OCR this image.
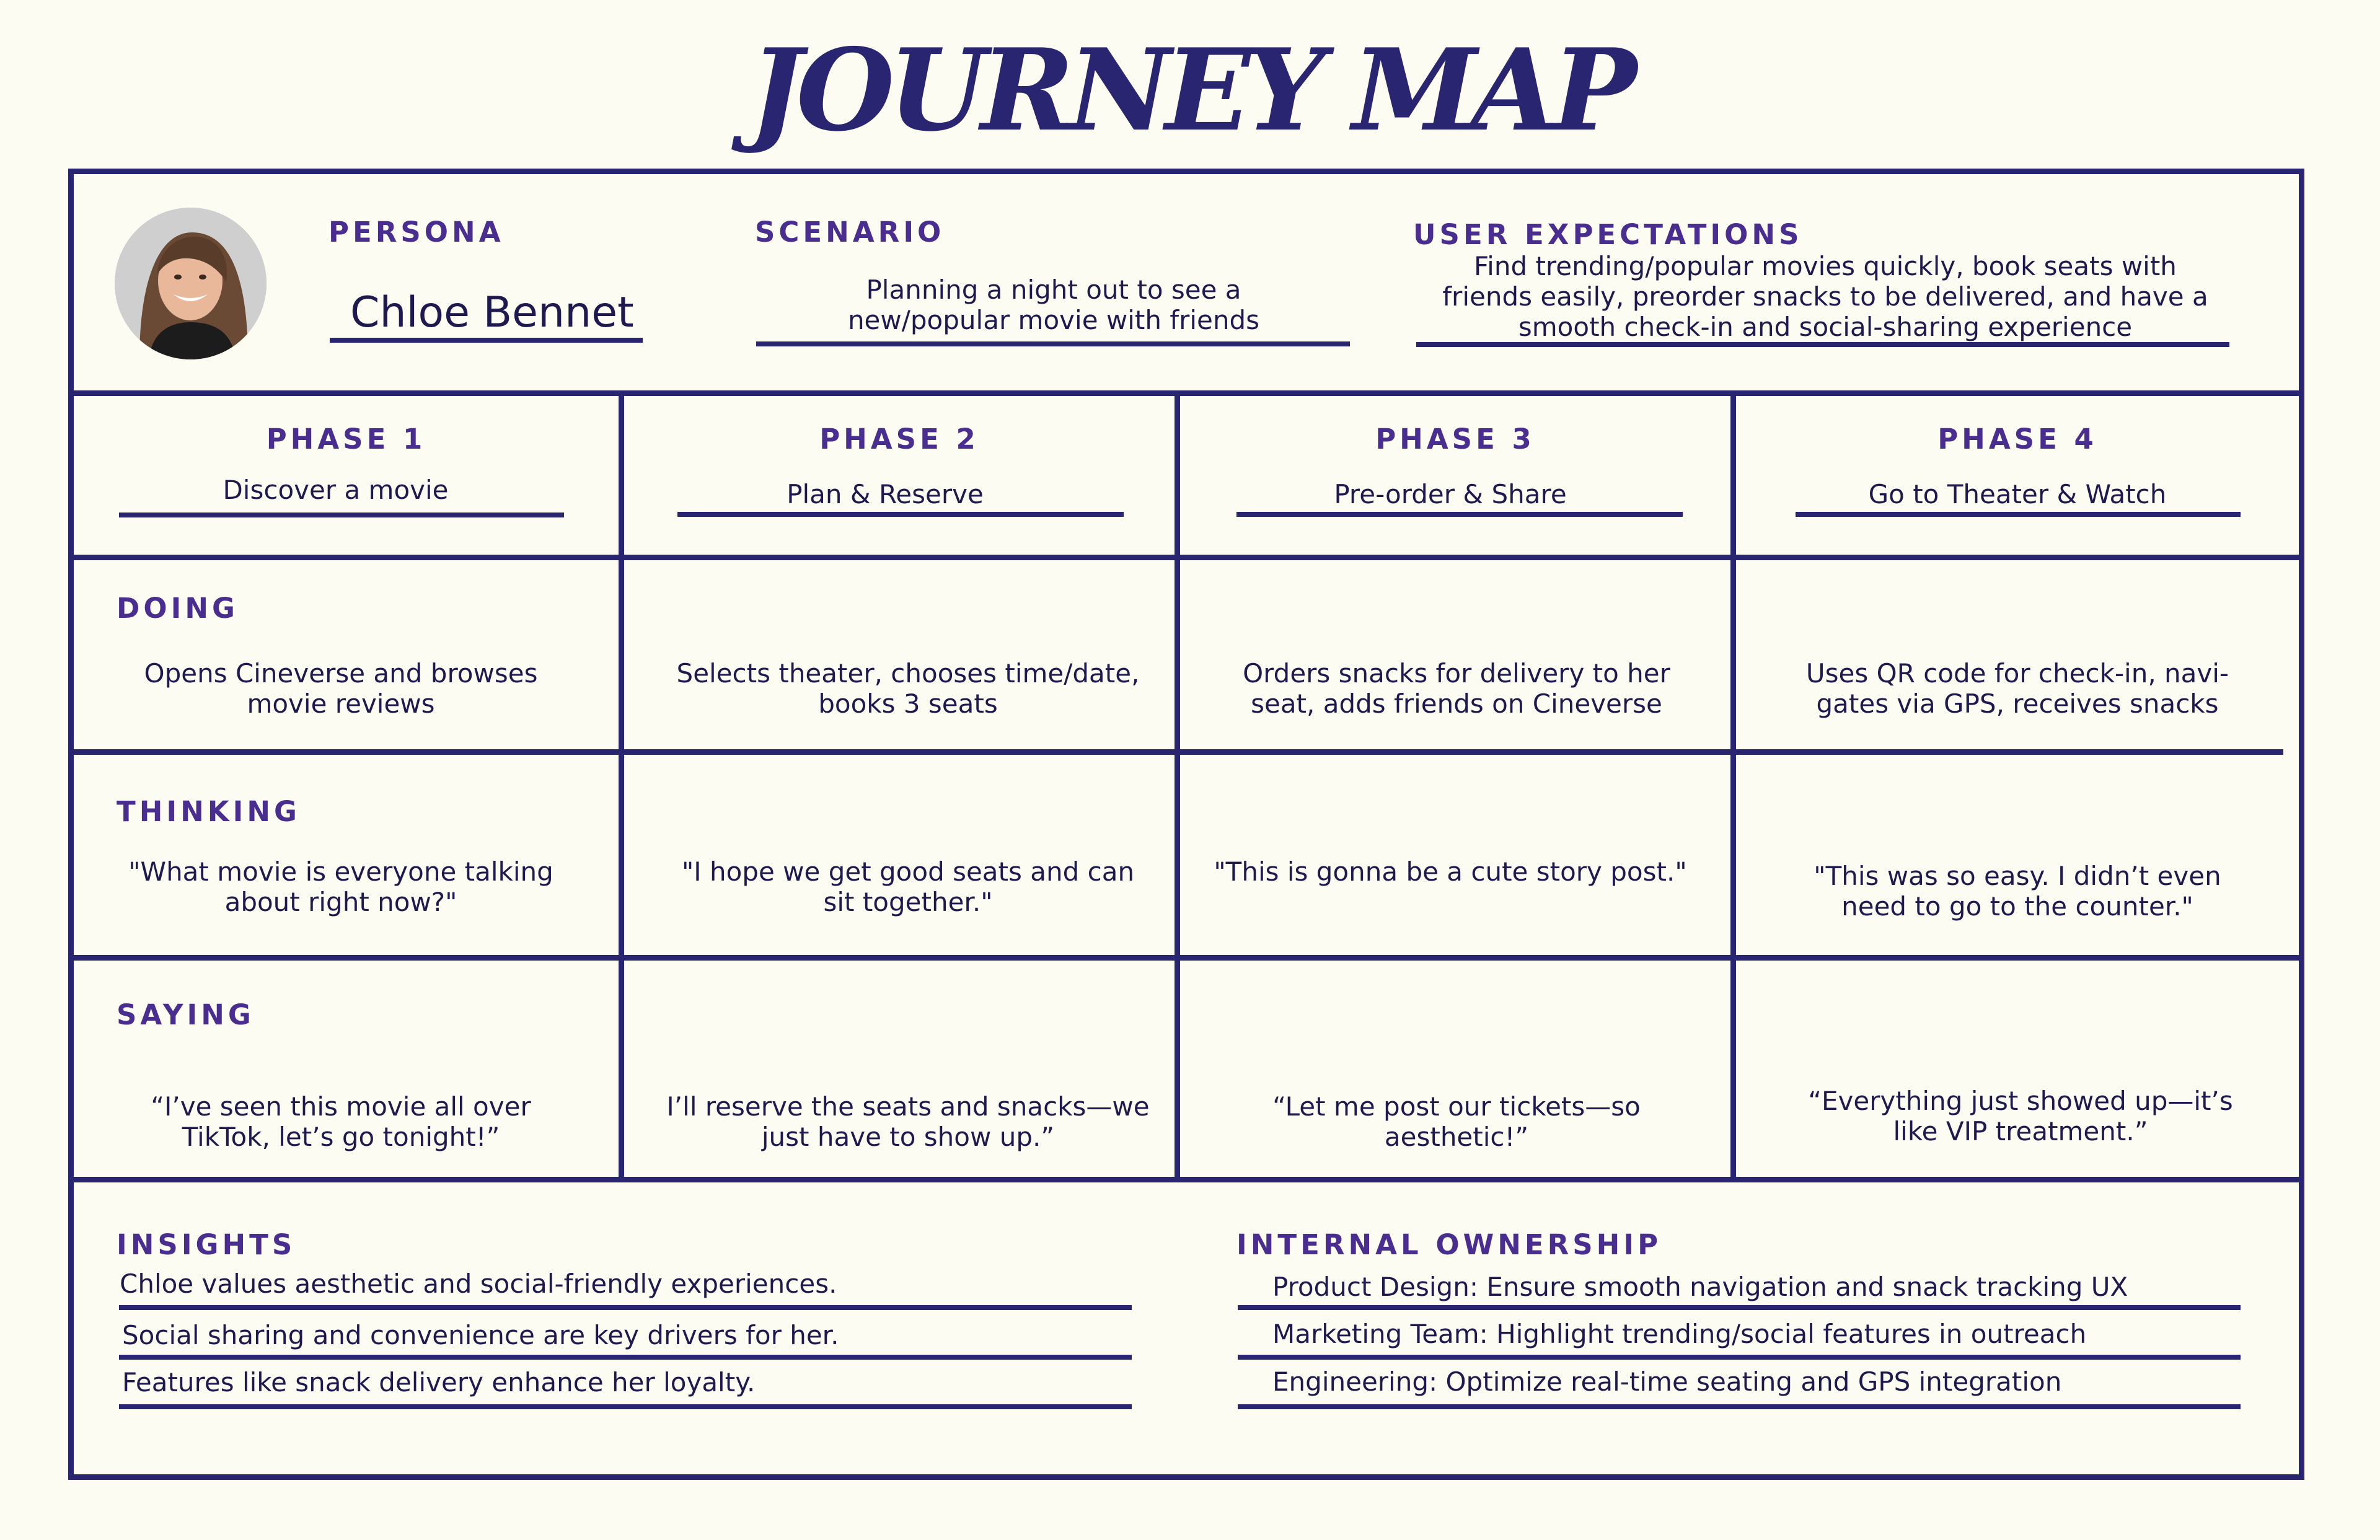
JOURNEY MAP
PERSONA
Chloe Bennet
SCENARIO
Planning a night out to see a new/popular movie with friends
USER EXPECTATIONS
Find trending/popular movies quickly, book seats with friends easily, preorder snacks to be delivered, and have a smooth check-in and social-sharing experience
PHASE 1
Discover a movie
PHASE 2
Plan & Reserve
PHASE 3
Pre-order & Share
PHASE 4
Go to Theater & Watch
DOING
Opens Cineverse and browses movie reviews
Selects theater, chooses time/date, books 3 seats
Orders snacks for delivery to her seat, adds friends on Cineverse
Uses QR code for check-in, navi-gates via GPS, receives snacks
THINKING
"What movie is everyone talking about right now?"
"I hope we get good seats and can sit together."
"This is gonna be a cute story post."	"This was so easy. I didn’t even need to go to the counter."
SAYING
“I’ve seen this movie all over TikTok, let’s go tonight!”
I’ll reserve the seats and snacks—we just have to show up.”
“Let me post our tickets—so aesthetic!”
“Everything just showed up—it’s like VIP treatment.”
INSIGHTS
Chloe values aesthetic and social-friendly experiences.
Social sharing and convenience are key drivers for her.
Features like snack delivery enhance her loyalty.
INTERNAL OWNERSHIP
Product Design: Ensure smooth navigation and snack tracking UX
Marketing Team: Highlight trending/social features in outreach
Engineering: Optimize real-time seating and GPS integration
